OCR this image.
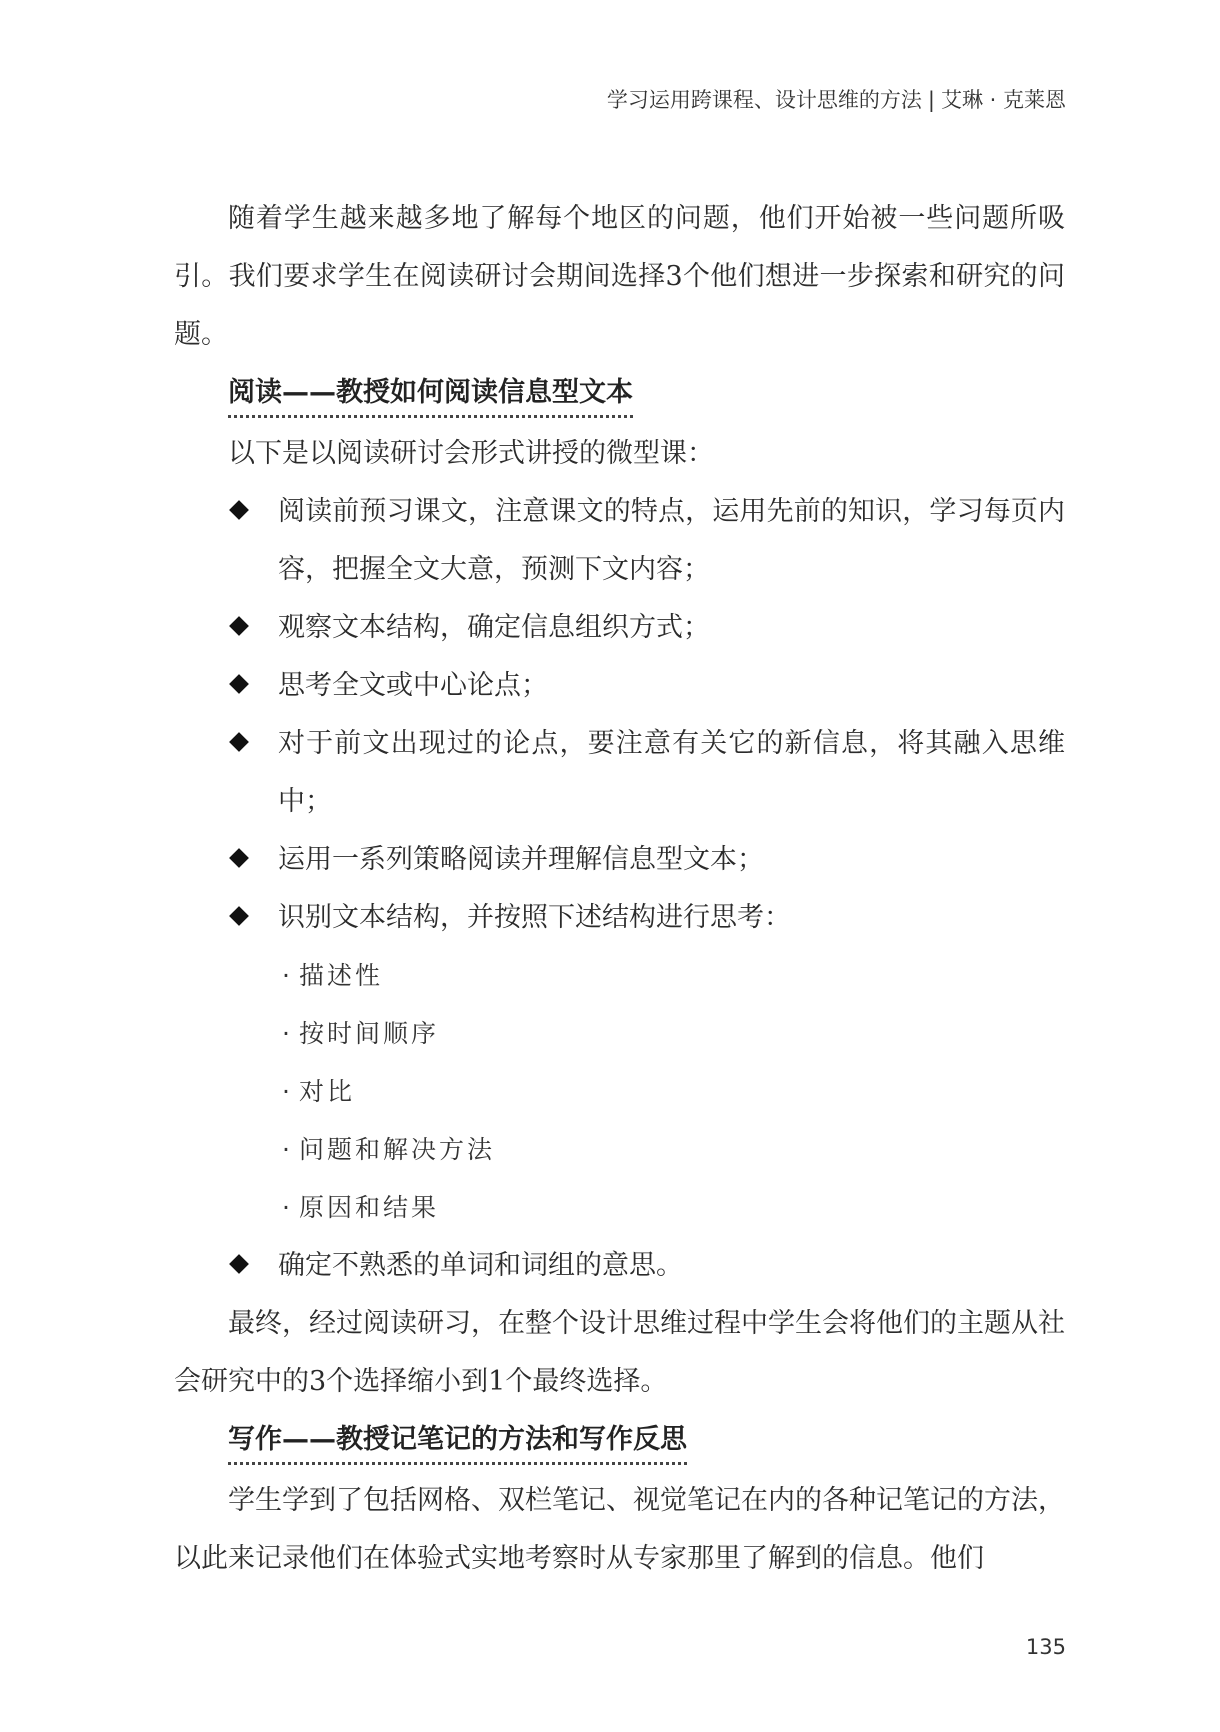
学习运用跨课程、设计思维的方法 | 艾琳 · 克莱恩

随着学生越来越多地了解每个地区的问题，他们开始被一些问题所吸引。我们要求学生在阅读研讨会期间选择3个他们想进一步探索和研究的问题。

阅读——教授如何阅读信息型文本

以下是以阅读研讨会形式讲授的微型课：

阅读前预习课文，注意课文的特点，运用先前的知识，学习每页内容，把握全文大意，预测下文内容；
观察文本结构，确定信息组织方式；
思考全文或中心论点；
对于前文出现过的论点，要注意有关它的新信息，将其融入思维中；
运用一系列策略阅读并理解信息型文本；
识别文本结构，并按照下述结构进行思考：
· 描述性
· 按时间顺序
· 对比
· 问题和解决方法
· 原因和结果
确定不熟悉的单词和词组的意思。

最终，经过阅读研习，在整个设计思维过程中学生会将他们的主题从社会研究中的3个选择缩小到1个最终选择。

写作——教授记笔记的方法和写作反思

学生学到了包括网格、双栏笔记、视觉笔记在内的各种记笔记的方法，以此来记录他们在体验式实地考察时从专家那里了解到的信息。他们

135
